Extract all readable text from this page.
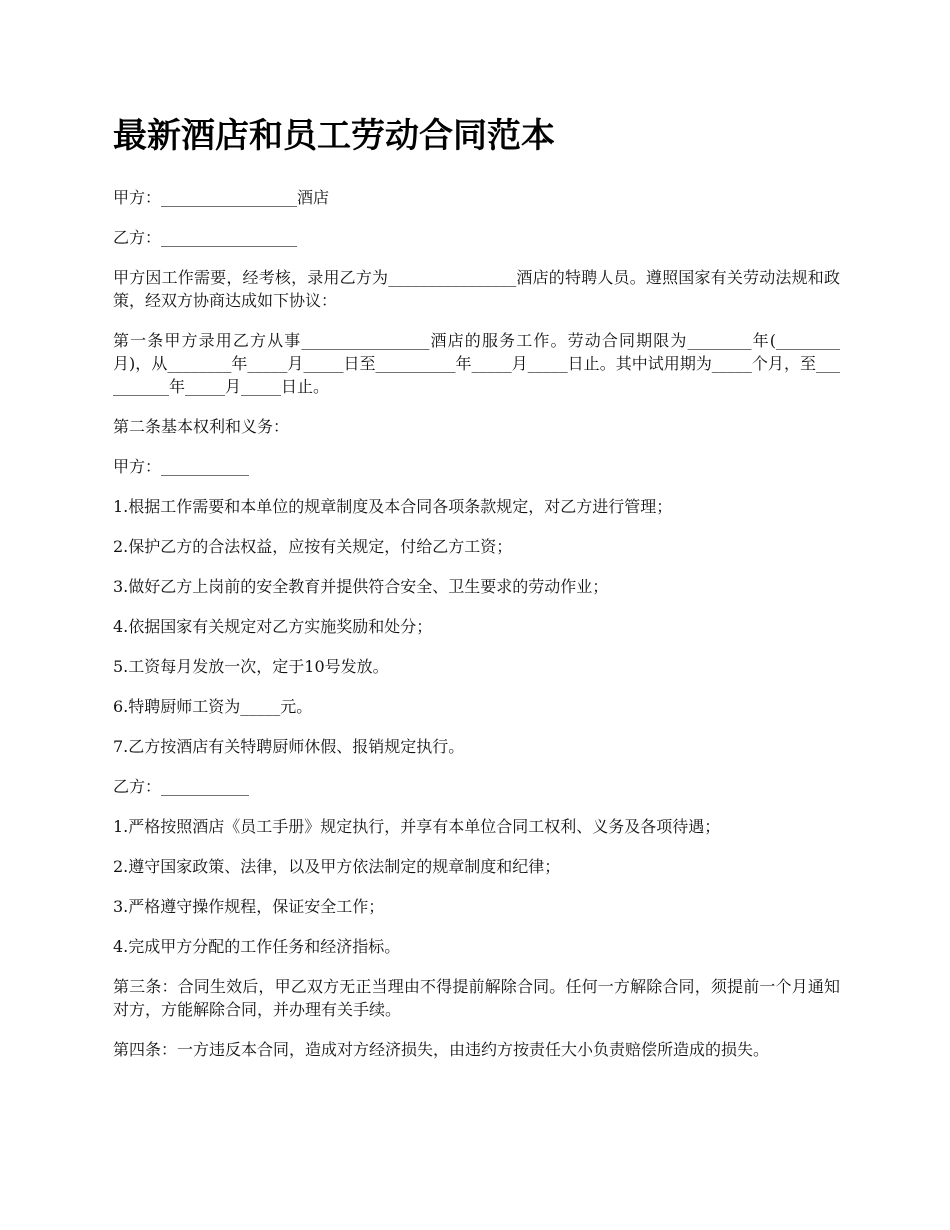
最新酒店和员工劳动合同范本

甲方：_________________酒店

乙方：_________________

甲方因工作需要，经考核，录用乙方为________________酒店的特聘人员。遵照国家有关劳动法规和政策，经双方协商达成如下协议：

第一条甲方录用乙方从事________________酒店的服务工作。劳动合同期限为________年(________月)，从________年_____月_____日至__________年_____月_____日止。其中试用期为_____个月，至__________年_____月_____日止。

第二条基本权利和义务：

甲方：___________

1.根据工作需要和本单位的规章制度及本合同各项条款规定，对乙方进行管理；

2.保护乙方的合法权益，应按有关规定，付给乙方工资；

3.做好乙方上岗前的安全教育并提供符合安全、卫生要求的劳动作业；

4.依据国家有关规定对乙方实施奖励和处分；

5.工资每月发放一次，定于10号发放。

6.特聘厨师工资为_____元。

7.乙方按酒店有关特聘厨师休假、报销规定执行。

乙方：___________

1.严格按照酒店《员工手册》规定执行，并享有本单位合同工权利、义务及各项待遇；

2.遵守国家政策、法律，以及甲方依法制定的规章制度和纪律；

3.严格遵守操作规程，保证安全工作；

4.完成甲方分配的工作任务和经济指标。

第三条：合同生效后，甲乙双方无正当理由不得提前解除合同。任何一方解除合同，须提前一个月通知对方，方能解除合同，并办理有关手续。

第四条：一方违反本合同，造成对方经济损失，由违约方按责任大小负责赔偿所造成的损失。
